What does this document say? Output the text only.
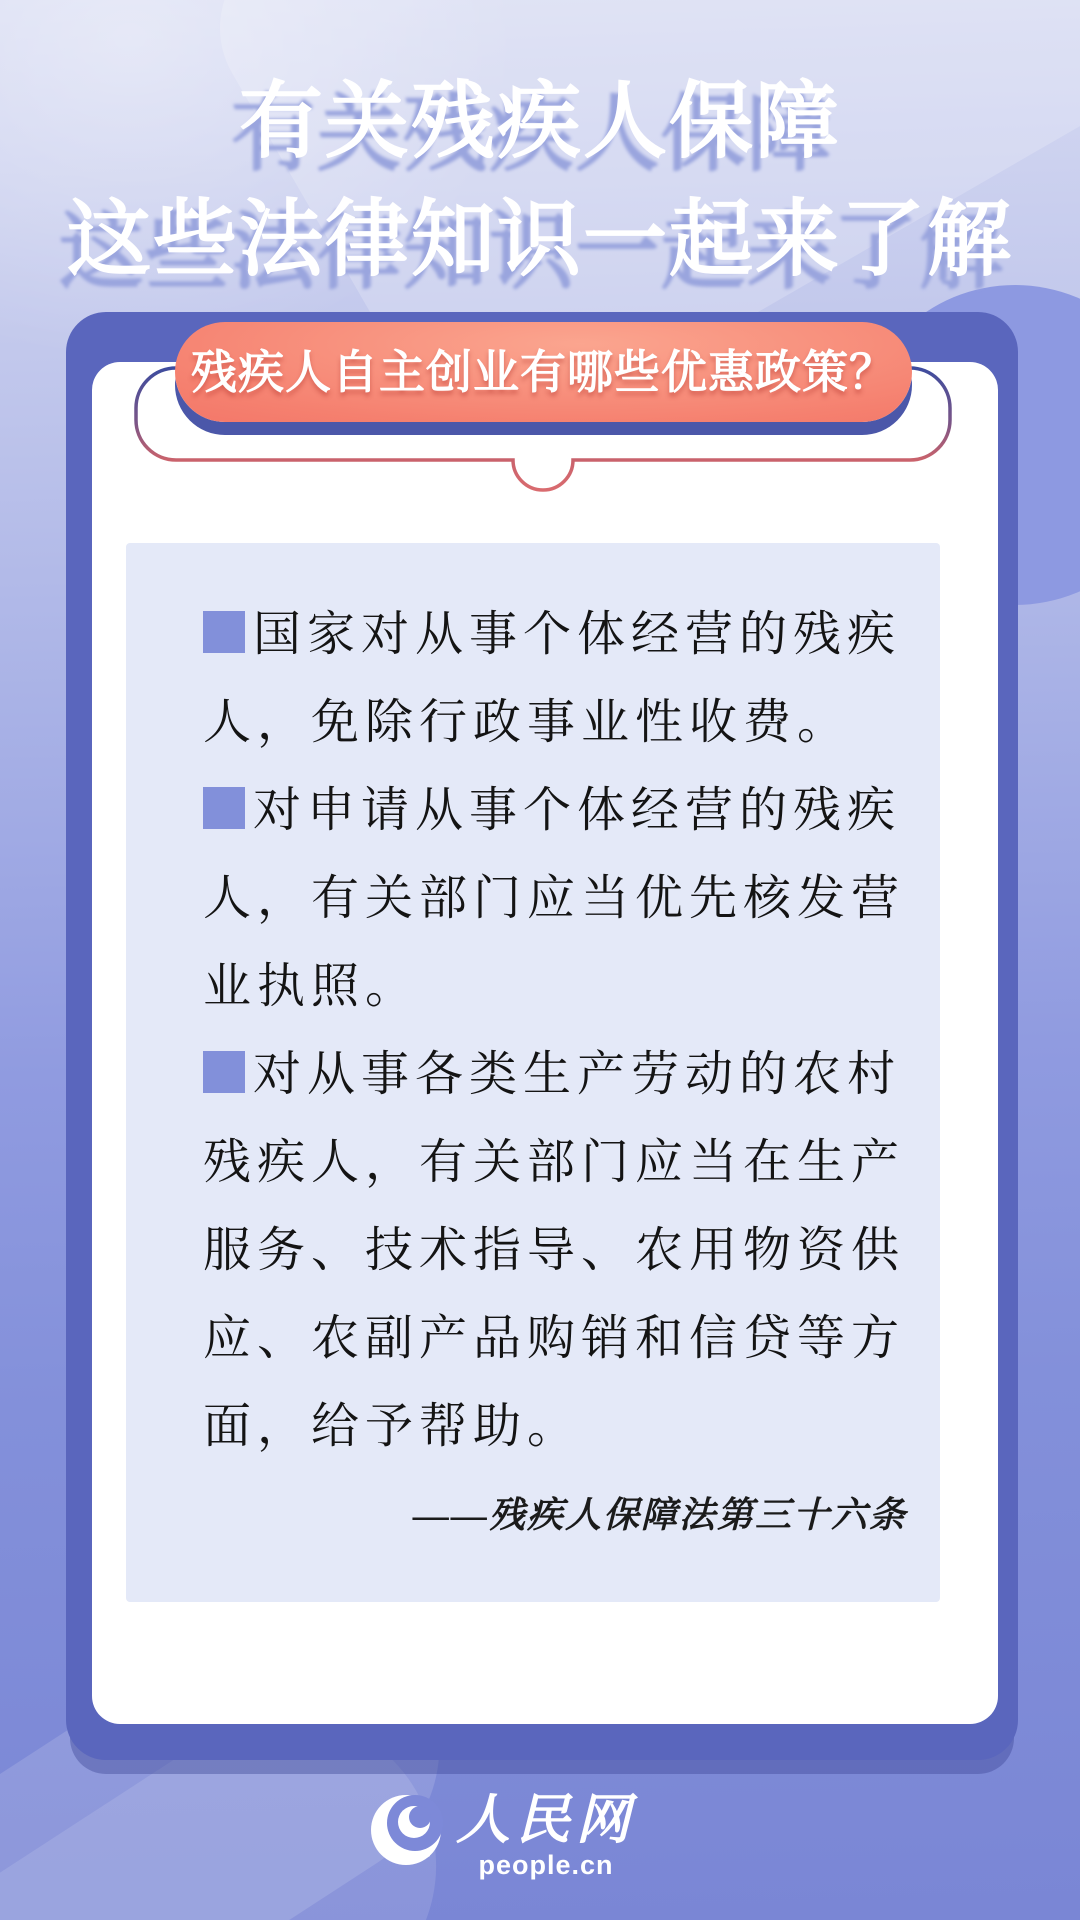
有关残疾人保障
这些法律知识一起来了解
残疾人自主创业有哪些优惠政策？
国家对从事个体经营的残疾
人，免除行政事业性收费。
对申请从事个体经营的残疾
人，有关部门应当优先核发营
业执照。
对从事各类生产劳动的农村
残疾人，有关部门应当在生产
服务、技术指导、农用物资供
应、农副产品购销和信贷等方
面，给予帮助。
——残疾人保障法第三十六条
人民网
people.cn
